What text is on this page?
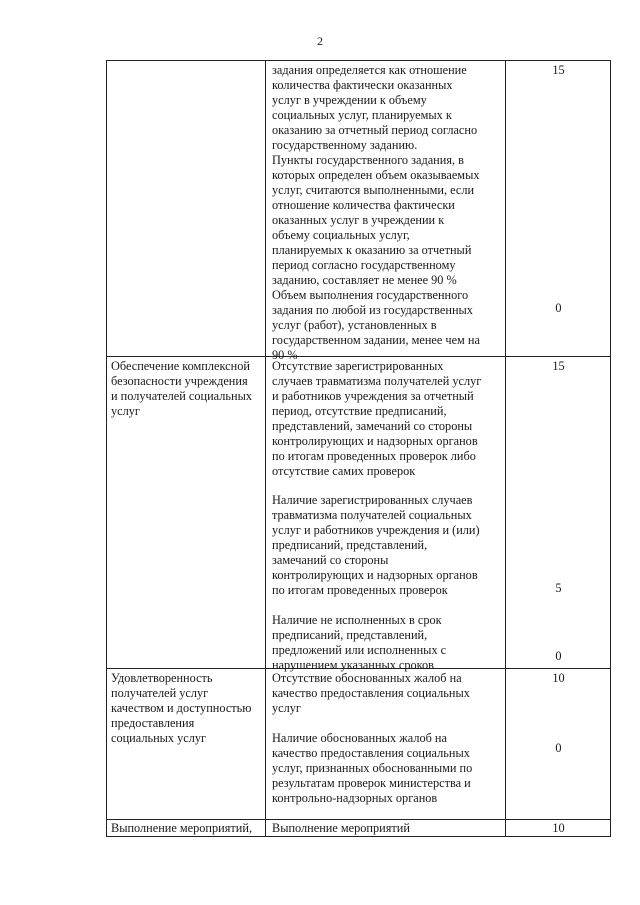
2
задания определяется как отношение
количества фактически оказанных
услуг в учреждении к объему
социальных услуг, планируемых к
оказанию за отчетный период согласно
государственному заданию.
Пункты государственного задания, в
которых определен объем оказываемых
услуг, считаются выполненными, если
отношение количества фактически
оказанных услуг в учреждении к
объему социальных услуг,
планируемых к оказанию за отчетный
период согласно государственному
заданию, составляет не менее 90 %
Объем выполнения государственного
задания по любой из государственных
услуг (работ), установленных в
государственном задании, менее чем на
90 %
15
0
Обеспечение комплексной
безопасности учреждения
и получателей социальных
услуг
Отсутствие зарегистрированных
случаев травматизма получателей услуг
и работников учреждения за отчетный
период, отсутствие предписаний,
представлений, замечаний со стороны
контролирующих и надзорных органов
по итогам проведенных проверок либо
отсутствие самих проверок
Наличие зарегистрированных случаев
травматизма получателей социальных
услуг и работников учреждения и (или)
предписаний, представлений,
замечаний со стороны
контролирующих и надзорных органов
по итогам проведенных проверок
Наличие не исполненных в срок
предписаний, представлений,
предложений или исполненных с
нарушением указанных сроков
15
5
0
Удовлетворенность
получателей услуг
качеством и доступностью
предоставления
социальных услуг
Отсутствие обоснованных жалоб на
качество предоставления социальных
услуг
Наличие обоснованных жалоб на
качество предоставления социальных
услуг, признанных обоснованными по
результатам проверок министерства и
контрольно-надзорных органов
10
0
Выполнение мероприятий, Выполнение мероприятий	10
